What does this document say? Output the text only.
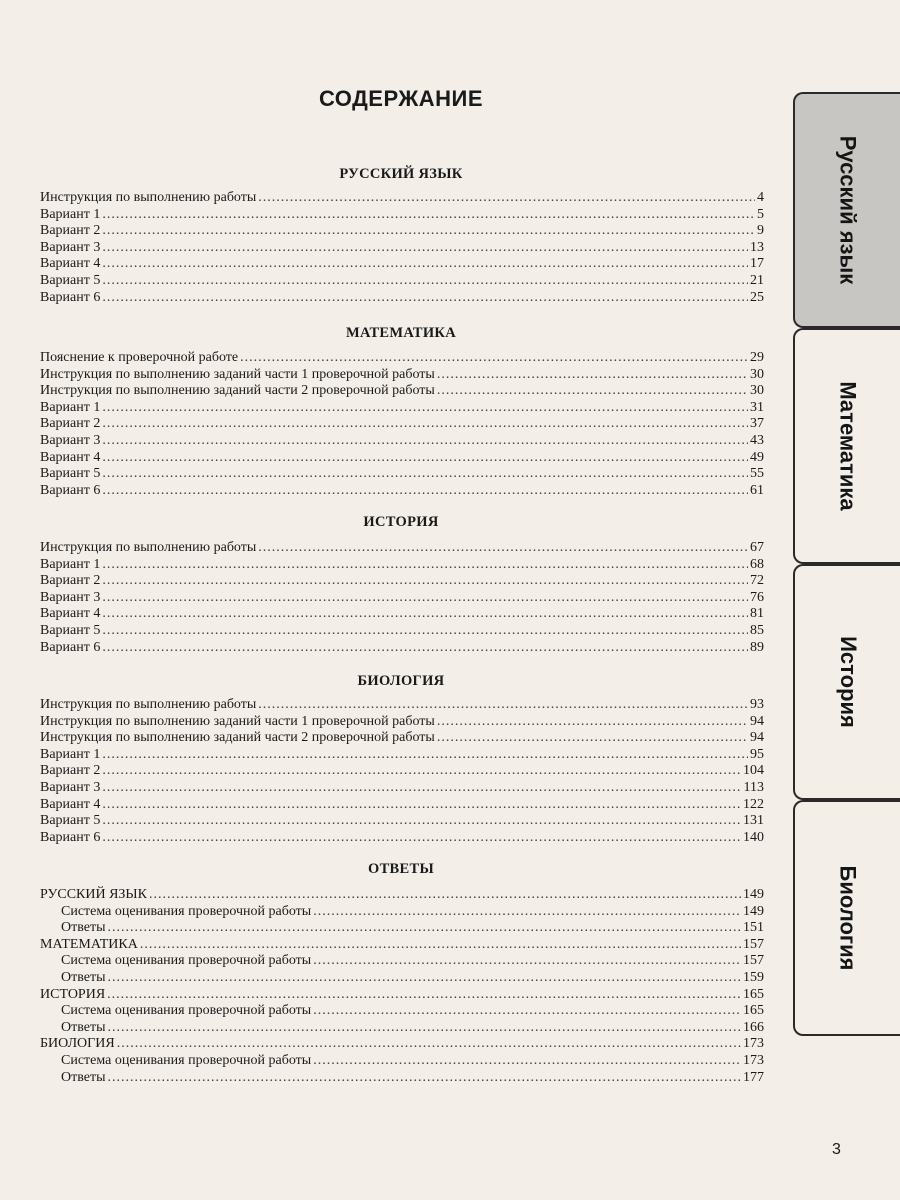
СОДЕРЖАНИЕ
РУССКИЙ ЯЗЫК
Инструкция по выполнению работы .....	4
Вариант 1 .....	5
Вариант 2 .....	9
Вариант 3 .....	13
Вариант 4 .....	17
Вариант 5 .....	21
Вариант 6 .....	25
МАТЕМАТИКА
Пояснение к проверочной работе .....	29
Инструкция по выполнению заданий части 1 проверочной работы .....	30
Инструкция по выполнению заданий части 2 проверочной работы .....	30
Вариант 1 .....	31
Вариант 2 .....	37
Вариант 3 .....	43
Вариант 4 .....	49
Вариант 5 .....	55
Вариант 6 .....	61
ИСТОРИЯ
Инструкция по выполнению работы .....	67
Вариант 1 .....	68
Вариант 2 .....	72
Вариант 3 .....	76
Вариант 4 .....	81
Вариант 5 .....	85
Вариант 6 .....	89
БИОЛОГИЯ
Инструкция по выполнению работы .....	93
Инструкция по выполнению заданий части 1 проверочной работы .....	94
Инструкция по выполнению заданий части 2 проверочной работы .....	94
Вариант 1 .....	95
Вариант 2 .....	104
Вариант 3 .....	113
Вариант 4 .....	122
Вариант 5 .....	131
Вариант 6 .....	140
ОТВЕТЫ
РУССКИЙ ЯЗЫК .....	149
Система оценивания проверочной работы .....	149
Ответы .....	151
МАТЕМАТИКА .....	157
Система оценивания проверочной работы .....	157
Ответы .....	159
ИСТОРИЯ .....	165
Система оценивания проверочной работы .....	165
Ответы .....	166
БИОЛОГИЯ .....	173
Система оценивания проверочной работы .....	173
Ответы .....	177
Русский язык
Математика
История
Биология
3
